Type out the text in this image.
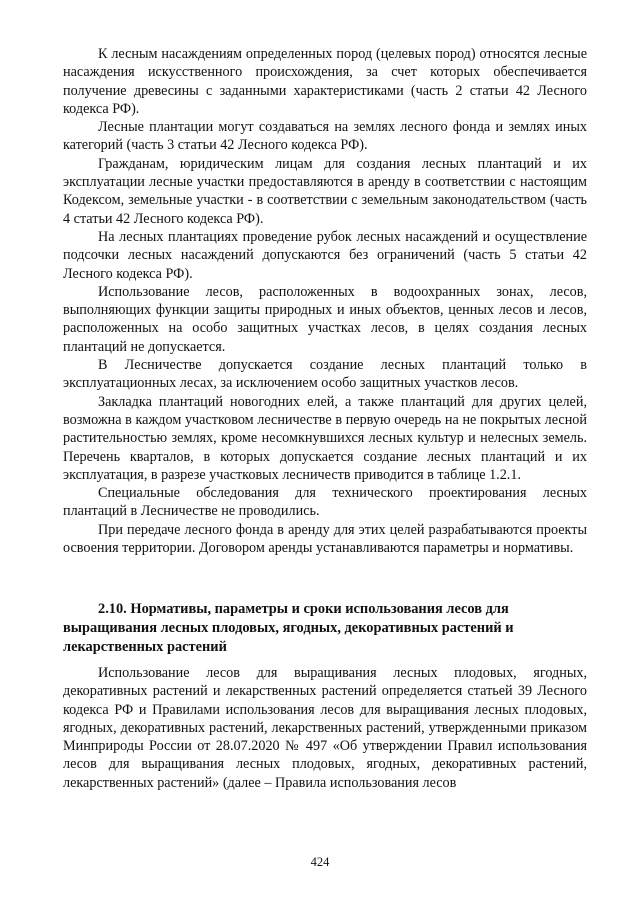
К лесным насаждениям определенных пород (целевых пород) относятся лесные насаждения искусственного происхождения, за счет которых обеспечивается получение древесины с заданными характеристиками (часть 2 статьи 42 Лесного кодекса РФ).

Лесные плантации могут создаваться на землях лесного фонда и землях иных категорий (часть 3 статьи 42 Лесного кодекса РФ).

Гражданам, юридическим лицам для создания лесных плантаций и их эксплуатации лесные участки предоставляются в аренду в соответствии с настоящим Кодексом, земельные участки - в соответствии с земельным законодательством (часть 4 статьи 42 Лесного кодекса РФ).

На лесных плантациях проведение рубок лесных насаждений и осуществление подсочки лесных насаждений допускаются без ограничений (часть 5 статьи 42 Лесного кодекса РФ).

Использование лесов, расположенных в водоохранных зонах, лесов, выполняющих функции защиты природных и иных объектов, ценных лесов и лесов, расположенных на особо защитных участках лесов, в целях создания лесных плантаций не допускается.

В Лесничестве допускается создание лесных плантаций только в эксплуатационных лесах, за исключением особо защитных участков лесов.

Закладка плантаций новогодних елей, а также плантаций для других целей, возможна в каждом участковом лесничестве в первую очередь на не покрытых лесной растительностью землях, кроме несомкнувшихся лесных культур и нелесных земель. Перечень кварталов, в которых допускается создание лесных плантаций и их эксплуатация, в разрезе участковых лесничеств приводится в таблице 1.2.1.

Специальные обследования для технического проектирования лесных плантаций в Лесничестве не проводились.

При передаче лесного фонда в аренду для этих целей разрабатываются проекты освоения территории. Договором аренды устанавливаются параметры и нормативы.

2.10. Нормативы, параметры и сроки использования лесов для
выращивания лесных плодовых, ягодных, декоративных растений и
лекарственных растений

Использование лесов для выращивания лесных плодовых, ягодных, декоративных растений и лекарственных растений определяется статьей 39 Лесного кодекса РФ и Правилами использования лесов для выращивания лесных плодовых, ягодных, декоративных растений, лекарственных растений, утвержденными приказом Минприроды России от 28.07.2020 № 497 «Об утверждении Правил использования лесов для выращивания лесных плодовых, ягодных, декоративных растений, лекарственных растений» (далее – Правила использования лесов

424
